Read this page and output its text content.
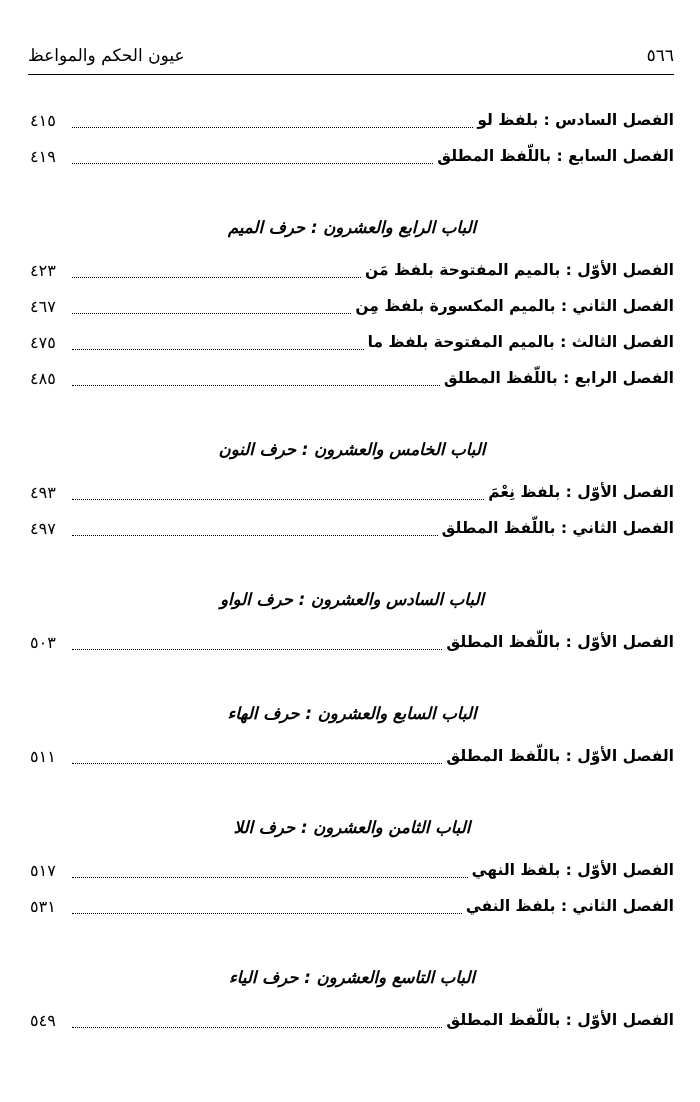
عيون الحكم والمواعظ	٥٦٦
الفصل السادس : بلفظ لو
٤١٥
الفصل السابع : باللّفظ المطلق
٤١٩
الباب الرابع والعشرون : حرف الميم
الفصل الأوّل : بالميم المفتوحة بلفظ مَن
٤٢٣
الفصل الثاني : بالميم المكسورة بلفظ مِن
٤٦٧
الفصل الثالث : بالميم المفتوحة بلفظ ما
٤٧٥
الفصل الرابع : باللّفظ المطلق
٤٨٥
الباب الخامس والعشرون : حرف النون
الفصل الأوّل : بلفظ نِعْمَ
٤٩٣
الفصل الثاني : باللّفظ المطلق
٤٩٧
الباب السادس والعشرون : حرف الواو
الفصل الأوّل : باللّفظ المطلق
٥٠٣
الباب السابع والعشرون : حرف الهاء
الفصل الأوّل : باللّفظ المطلق
٥١١
الباب الثامن والعشرون : حرف اللا
الفصل الأوّل : بلفظ النهي
٥١٧
الفصل الثاني : بلفظ النفي
٥٣١
الباب التاسع والعشرون : حرف الياء
الفصل الأوّل : باللّفظ المطلق
٥٤٩
